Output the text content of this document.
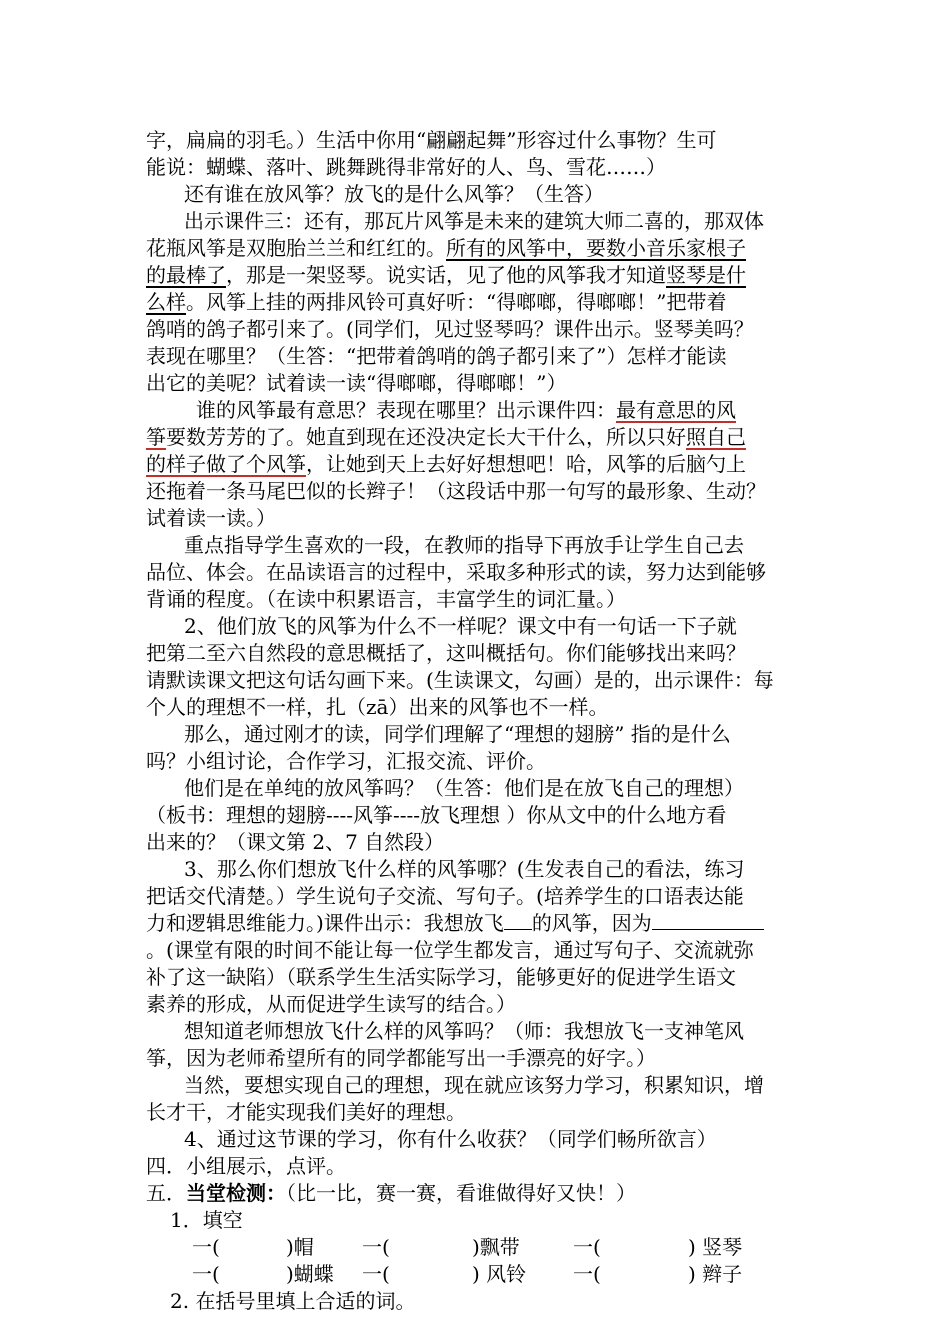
字，扁扁的羽毛。）生活中你用“翩翩起舞”形容过什么事物？生可
能说：蝴蝶、落叶、跳舞跳得非常好的人、鸟、雪花……）
还有谁在放风筝？放飞的是什么风筝？（生答）
出示课件三：还有，那瓦片风筝是未来的建筑大师二喜的，那双体
花瓶风筝是双胞胎兰兰和红红的。所有的风筝中，要数小音乐家根子
的最棒了，那是一架竖琴。说实话，见了他的风筝我才知道竖琴是什
么样。风筝上挂的两排风铃可真好听：“得啷啷，得啷啷！”把带着
鸽哨的鸽子都引来了。(同学们，见过竖琴吗？课件出示。竖琴美吗？
表现在哪里？（生答：“把带着鸽哨的鸽子都引来了”）怎样才能读
出它的美呢？试着读一读“得啷啷，得啷啷！”）
谁的风筝最有意思？表现在哪里？出示课件四：最有意思的风
筝要数芳芳的了。她直到现在还没决定长大干什么，所以只好照自己
的样子做了个风筝，让她到天上去好好想想吧！哈，风筝的后脑勺上
还拖着一条马尾巴似的长辫子！（这段话中那一句写的最形象、生动？
试着读一读。）
重点指导学生喜欢的一段，在教师的指导下再放手让学生自己去
品位、体会。在品读语言的过程中，采取多种形式的读，努力达到能够
背诵的程度。（在读中积累语言，丰富学生的词汇量。）
2、他们放飞的风筝为什么不一样呢？课文中有一句话一下子就
把第二至六自然段的意思概括了，这叫概括句。你们能够找出来吗？
请默读课文把这句话勾画下来。(生读课文，勾画）是的，出示课件：每
个人的理想不一样，扎（zā）出来的风筝也不一样。
那么，通过刚才的读，同学们理解了“理想的翅膀” 指的是什么
吗？小组讨论，合作学习，汇报交流、评价。
他们是在单纯的放风筝吗？（生答：他们是在放飞自己的理想）
（板书：理想的翅膀----风筝----放飞理想 ）你从文中的什么地方看
出来的？（课文第 2、7 自然段）
3、那么你们想放飞什么样的风筝哪？(生发表自己的看法，练习
把话交代清楚。）学生说句子交流、写句子。(培养学生的口语表达能
力和逻辑思维能力。)课件出示：我想放飞 的风筝，因为
。(课堂有限的时间不能让每一位学生都发言，通过写句子、交流就弥
补了这一缺陷）（联系学生生活实际学习，能够更好的促进学生语文
素养的形成，从而促进学生读写的结合。）
想知道老师想放飞什么样的风筝吗？（师：我想放飞一支神笔风
筝，因为老师希望所有的同学都能写出一手漂亮的好字。）
当然，要想实现自己的理想，现在就应该努力学习，积累知识，增
长才干，才能实现我们美好的理想。
4、通过这节课的学习，你有什么收获？（同学们畅所欲言）
四．小组展示，点评。
五．当堂检测：（比一比，赛一赛，看谁做得好又快！）
1．填空
一(	)帽 一(	)飘带	一(	) 竖琴
一(	)蝴蝶 一(	) 风铃 一(	) 辫子
2. 在括号里填上合适的词。
